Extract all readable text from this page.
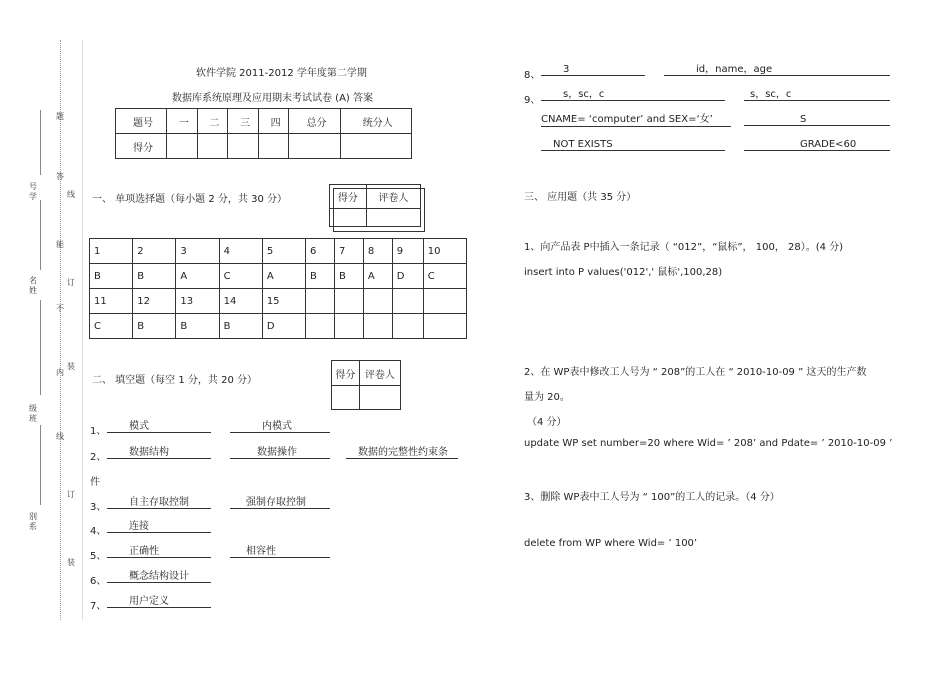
号学
名姓
级班
别系
题
答
能
不
内
线
线
订
装
订
装
软件学院 2011-2012 学年度第二学期
数据库系统原理及应用期末考试试卷 (A) 答案
题号	一	二	三	四	总分	统分人
得分						
一、 单项选择题（每小题 2 分，共 30 分）	得分	评卷人

1	2	3	4	5	6	7	8	9	10
B	B	A	C	A	B	B	A	D	C
11	12	13	14	15					
C	B	B	B	D					
二、 填空题（每空 1 分，共 20 分）	得分	评卷人

1、	模式	内模式
2、	数据结构	数据操作	数据的完整性约束条
件
3、	自主存取控制	强制存取控制
4、	连接
5、	正确性	相容性
6、	概念结构设计
7、	用户定义
8、
3	id，name，age
9、
s，sc，c	s，sc，c
CNAME= ‘computer’ and SEX=‘女’	S
NOT EXISTS	GRADE<60
三、 应用题（共 35 分）
1、向产品表 P中插入一条记录（ “012”，“鼠标”， 100， 28）。(4 分)
insert into P values('012',' 鼠标',100,28)
2、在 WP表中修改工人号为 “ 208”的工人在 “ 2010-10-09 ” 这天的生产数
量为 20。
（4 分）
update WP set number=20 where Wid= ’ 208’ and Pdate= ’ 2010-10-09 ’
3、删除 WP表中工人号为 “ 100”的工人的记录。（4 分）
delete from WP where Wid= ’ 100’
